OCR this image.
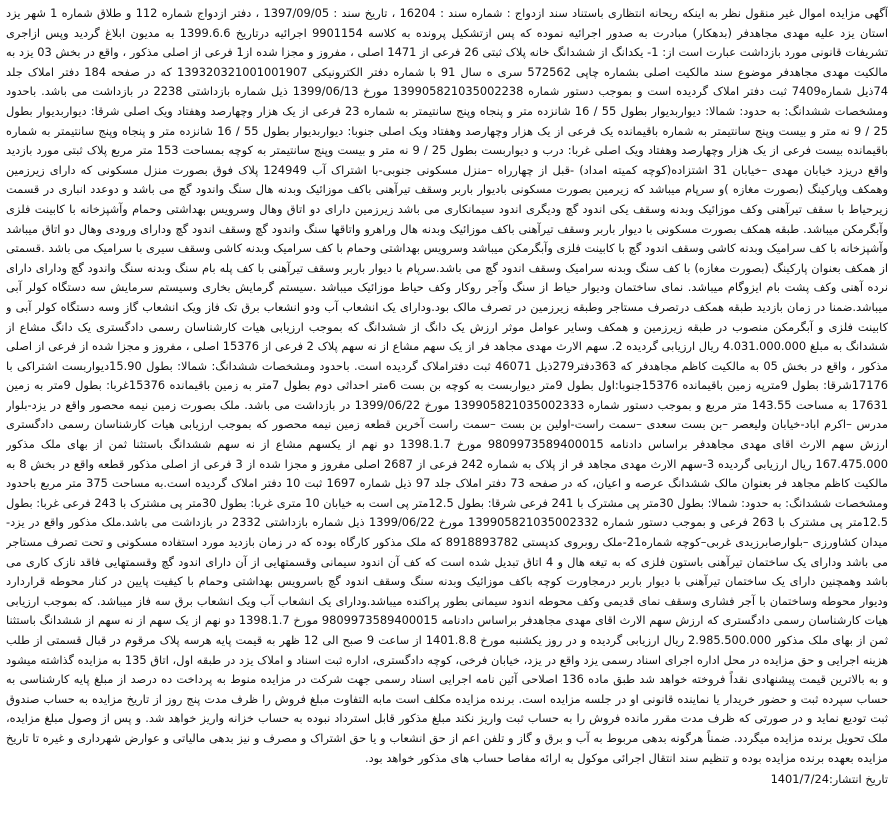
آگهی مزایده اموال غیر منقول نظر به اینکه ریحانه انتظاری باستناد سند ازدواج : شماره سند : 16204 ، تاریخ سند : 1397/09/05 ، دفتر ازدواج شماره 112 و طلاق شماره 1 شهر یزد استان یزد علیه مهدی مجاهدفر (بدهکار) مبادرت به صدور اجرائیه نموده که پس ازتشکیل پرونده به کلاسه 9901154 اجرائیه درتاریخ 1399.6.6 به مدیون ابلاغ گردید وپس ازاجری تشریفات قانونی مورد بازداشت عبارت است از: 1- یکدانگ از ششدانگ خانه پلاک ثبتی 26 فرعی از 1471 اصلی ، مفروز و مجزا شده از1 فرعی از اصلی مذکور ، واقع در بخش 03 یزد به مالکیت مهدی مجاهدفر موضوع سند مالکیت اصلی بشماره چاپی 572562 سری ه سال 91 با شماره دفتر الکترونیکی 139320321001001907 که در صفحه 184 دفتر املاک جلد 74ذیل شماره7409 ثبت دفتر املاک گردیده است و بموجب دستور شماره 139905821035002238 مورخ 1399/06/13 ذیل شماره بازداشتی 2238 در بازداشت می باشد. باحدود ومشخصات ششدانگ: به حدود: شمالا: دیواربدیوار بطول 55 / 16 شانزده متر و پنجاه وپنج سانتیمتر به شماره 23 فرعی از یک هزار وچهارصد وهفتاد ویک اصلی شرقا: دیواربدیوار بطول 25 / 9 نه متر و بیست وپنج سانتیمتر به شماره باقیمانده یک فرعی از یک هزار وچهارصد وهفتاد ویک اصلی جنوبا: دیواربدیوار بطول 55 / 16 شانزده متر و پنجاه وپنج سانتیمتر به شماره باقیمانده بیست فرعی از یک هزار وچهارصد وهفتاد ویک اصلی غربا: درب و دیواربست بطول 25 / 9 نه متر و بیست وپنج سانتیمتر به کوچه بمساحت 153 متر مربع پلاک ثبتی مورد بازدید واقع دریزد خیابان مهدی –خیابان 31 اشتزاده(کوچه کمیته امداد) -قبل از چهارراه –منزل مسکونی جنوبی-با اشتراک آب 124949 پلاک فوق بصورت منزل مسکونی که دارای زیرزمین وهمکف وپارکینگ (بصورت مغازه )و سرپام میباشد که زیرمین بصورت مسکونی بادیوار باربر وسقف تیرآهنی باکف موزائیک وبدنه هال سنگ واندود گچ می باشد و دوعدد انباری در قسمت زیرحیاط با سقف تیرآهنی وکف موزائیک وبدنه وسقف یکی اندود گچ ودیگری اندود سیمانکاری می باشد زیرزمین دارای دو اتاق وهال وسرویس بهداشتی وحمام وآشپزخانه با کابینت فلزی وآبگرمکن میباشد. طبقه همکف بصورت مسکونی با دیوار باربر وسقف تیرآهنی باکف موزائیک وبدنه هال وراهرو واتاقها سنگ واندود گچ وسقف اندود گچ ودارای ورودی وهال دو اتاق میباشد وآشپزخانه با کف سرامیک وبدنه کاشی وسقف اندود گچ با کابینت فلزی وآبگرمکن میباشد وسرویس بهداشتی وحمام با کف سرامیک وبدنه کاشی وسقف سیری با سرامیک می باشد .قسمتی از همکف بعنوان پارکینگ (بصورت مغازه) با کف سنگ وبدنه سرامیک وسقف اندود گچ می باشد.سرپام با دیوار باربر وسقف تیرآهنی با کف پله بام سنگ وبدنه سنگ واندود گچ ودارای دارای نرده آهنی وکف پشت بام ایزوگام میباشد. نمای ساختمان ودیوار حیاط از سنگ وآجر روکار وکف حیاط موزائیک میباشد .سیستم گرمایش بخاری وسیستم سرمایش سه دستگاه کولر آبی میباشد.ضمنا در زمان بازدید طبقه همکف درتصرف مستاجر وطبقه زیرزمین در تصرف مالک بود.ودارای یک انشعاب آب ودو انشعاب برق تک فاز ویک انشعاب گاز وسه دستگاه کولر آبی و کابینت فلزی و آبگرمکن منصوب در طبقه زیرزمین و همکف وسایر عوامل موثر ارزش یک دانگ از ششدانگ که بموجب ارزیابی هیات کارشناسان رسمی دادگستری یک دانگ مشاع از ششدانگ به مبلغ 4.031.000.000 ریال ارزیابی گردیده 2. سهم الارث مهدی مجاهد فر از یک سهم مشاع از نه سهم پلاک 2 فرعی از 15376 اصلی ، مفروز و مجزا شده از فرعی از اصلی مذکور ، واقع در بخش 05 به مالکیت کاظم مجاهدفر که 363دفتر279ذیل 46071 ثبت دفتراملاک گردیده است. باحدود ومشخصات ششدانگ: شمالا: بطول 15.90دیواربست اشتراکی با 17176شرقا: بطول 9مترپه زمین باقیمانده 15376جنوبا:اول بطول 9متر دیواربست به کوچه بن بست 6متر احداثی دوم بطول 7متر به زمین باقیمانده 15376غربا: بطول 9متر به زمین 17631 به مساحت 143.55 متر مربع و بموجب دستور شماره 139905821035002333 مورخ 1399/06/22 در بازداشت می باشد. ملک بصورت زمین نیمه محصور واقع در یزد-بلوار مدرس –اکرم اباد-خیابان ولیعصر –بن بست سعدی –سمت راست-اولین بن بست –سمت راست آخرین قطعه زمین نیمه محصور که بموجب ارزیابی هیات کارشناسان رسمی دادگستری ارزش سهم الارث اقای مهدی مجاهدفر براساس دادنامه 9809973589400015 مورخ 1398.1.7 دو نهم از یکسهم مشاع از نه سهم ششدانگ باستثنا ثمن از بهای ملک مذکور 167.475.000 ریال ارزیابی گردیده 3-سهم الارث مهدی مجاهد فر از پلاک به شماره 242 فرعی از 2687 اصلی مفروز و مجزا شده از 3 فرعی از اصلی مذکور قطعه واقع در بخش 8 به مالکیت کاظم مجاهد فر بعنوان مالک ششدانگ عرصه و اعیان، که در صفحه 73 دفتر املاک جلد 97 ذیل شماره 1697 ثبت 10 دفتر املاک گردیده است.به مساحت 375 متر مربع باحدود ومشخصات ششدانگ: به حدود: شمالا: بطول 30متر پی مشترک با 241 فرعی شرقا: بطول 12.5متر پی است به خیابان 10 متری غربا: بطول 30متر پی مشترک با 243 فرعی غربا: بطول 12.5متر پی مشترک با 263 فرعی و بموجب دستور شماره 139905821035002332 مورخ 1399/06/22 ذیل شماره بازداشتی 2332 در بازداشت می باشد.ملک مذکور واقع در یزد-میدان کشاورزی –بلوارصابرزیدی غربی–کوچه شماره21-ملک روبروی کدپستی 8918893782 که ملک مذکور کارگاه بوده که در زمان بازدید مورد استفاده مسکونی و تحت تصرف مستاجر می باشد ودارای یک ساختمان تیرآهنی باستون فلزی که به تیغه هال و 4 اتاق تبدیل شده است که کف آن اندود سیمانی وقسمتهایی از آن دارای اندود گچ وقسمتهایی فاقد نازک کاری می باشد وهمچنین دارای یک ساختمان تیرآهنی با دیوار باربر درمجاورت کوچه باکف موزائیک وبدنه سنگ وسقف اندود گچ باسرویس بهداشتی وحمام با کیفیت پایین در کنار محوطه قراردارد ودیوار محوطه وساختمان با آجر فشاری وسقف نمای قدیمی وکف محوطه اندود سیمانی بطور پراکنده میباشد.ودارای یک انشعاب آب ویک انشعاب برق سه فاز میباشد. که بموجب ارزیابی هیات کارشناسان رسمی دادگستری که ارزش سهم الارث اقای مهدی مجاهدفر براساس دادنامه 9809973589400015 مورخ 1398.1.7 دو نهم از یک سهم از نه سهم از ششدانگ باستثنا ثمن از بهای ملک مذکور 2.985.500.000 ریال ارزیابی گردیده و در روز یکشنبه مورخ 1401.8.8 از ساعت 9 صبح الی 12 ظهر به قیمت پایه هرسه پلاک مرقوم در قبال قسمتی از طلب هزینه اجرایی و حق مزایده در محل اداره اجرای اسناد رسمی یزد واقع در یزد، خیابان فرخی، کوچه دادگستری، اداره ثبت اسناد و املاک یزد در طبقه اول، اتاق 135 به مزایده گذاشته میشود و به بالاترین قیمت پیشنهادی نقداً فروخته خواهد شد طبق ماده 136 اصلاحی آئین نامه اجرایی اسناد رسمی جهت شرکت در مزایده منوط به پرداخت ده درصد از مبلغ پایه کارشناسی به حساب سپرده ثبت و حضور خریدار یا نماینده قانونی او در جلسه مزایده است. برنده مزایده مکلف است مابه التفاوت مبلغ فروش را ظرف مدت پنج روز از تاریخ مزایده به حساب صندوق ثبت تودیع نماید و در صورتی که ظرف مدت مقرر مانده فروش را به حساب ثبت واریز نکند مبلغ مذکور قابل استرداد نبوده به حساب خزانه واریز خواهد شد. و پس از وصول مبلغ مزایده، ملک تحویل برنده مزایده میگردد. ضمناً هرگونه بدهی مربوط به آب و برق و گاز و تلفن اعم از حق انشعاب و یا حق اشتراک و مصرف و نیز بدهی مالیاتی و عوارض شهرداری و غیره تا تاریخ مزایده بعهده برنده مزایده بوده و تنظیم سند انتقال اجرائی موکول به ارائه مفاصا حساب های مذکور خواهد بود.

تاریخ انتشار:1401/7/24
